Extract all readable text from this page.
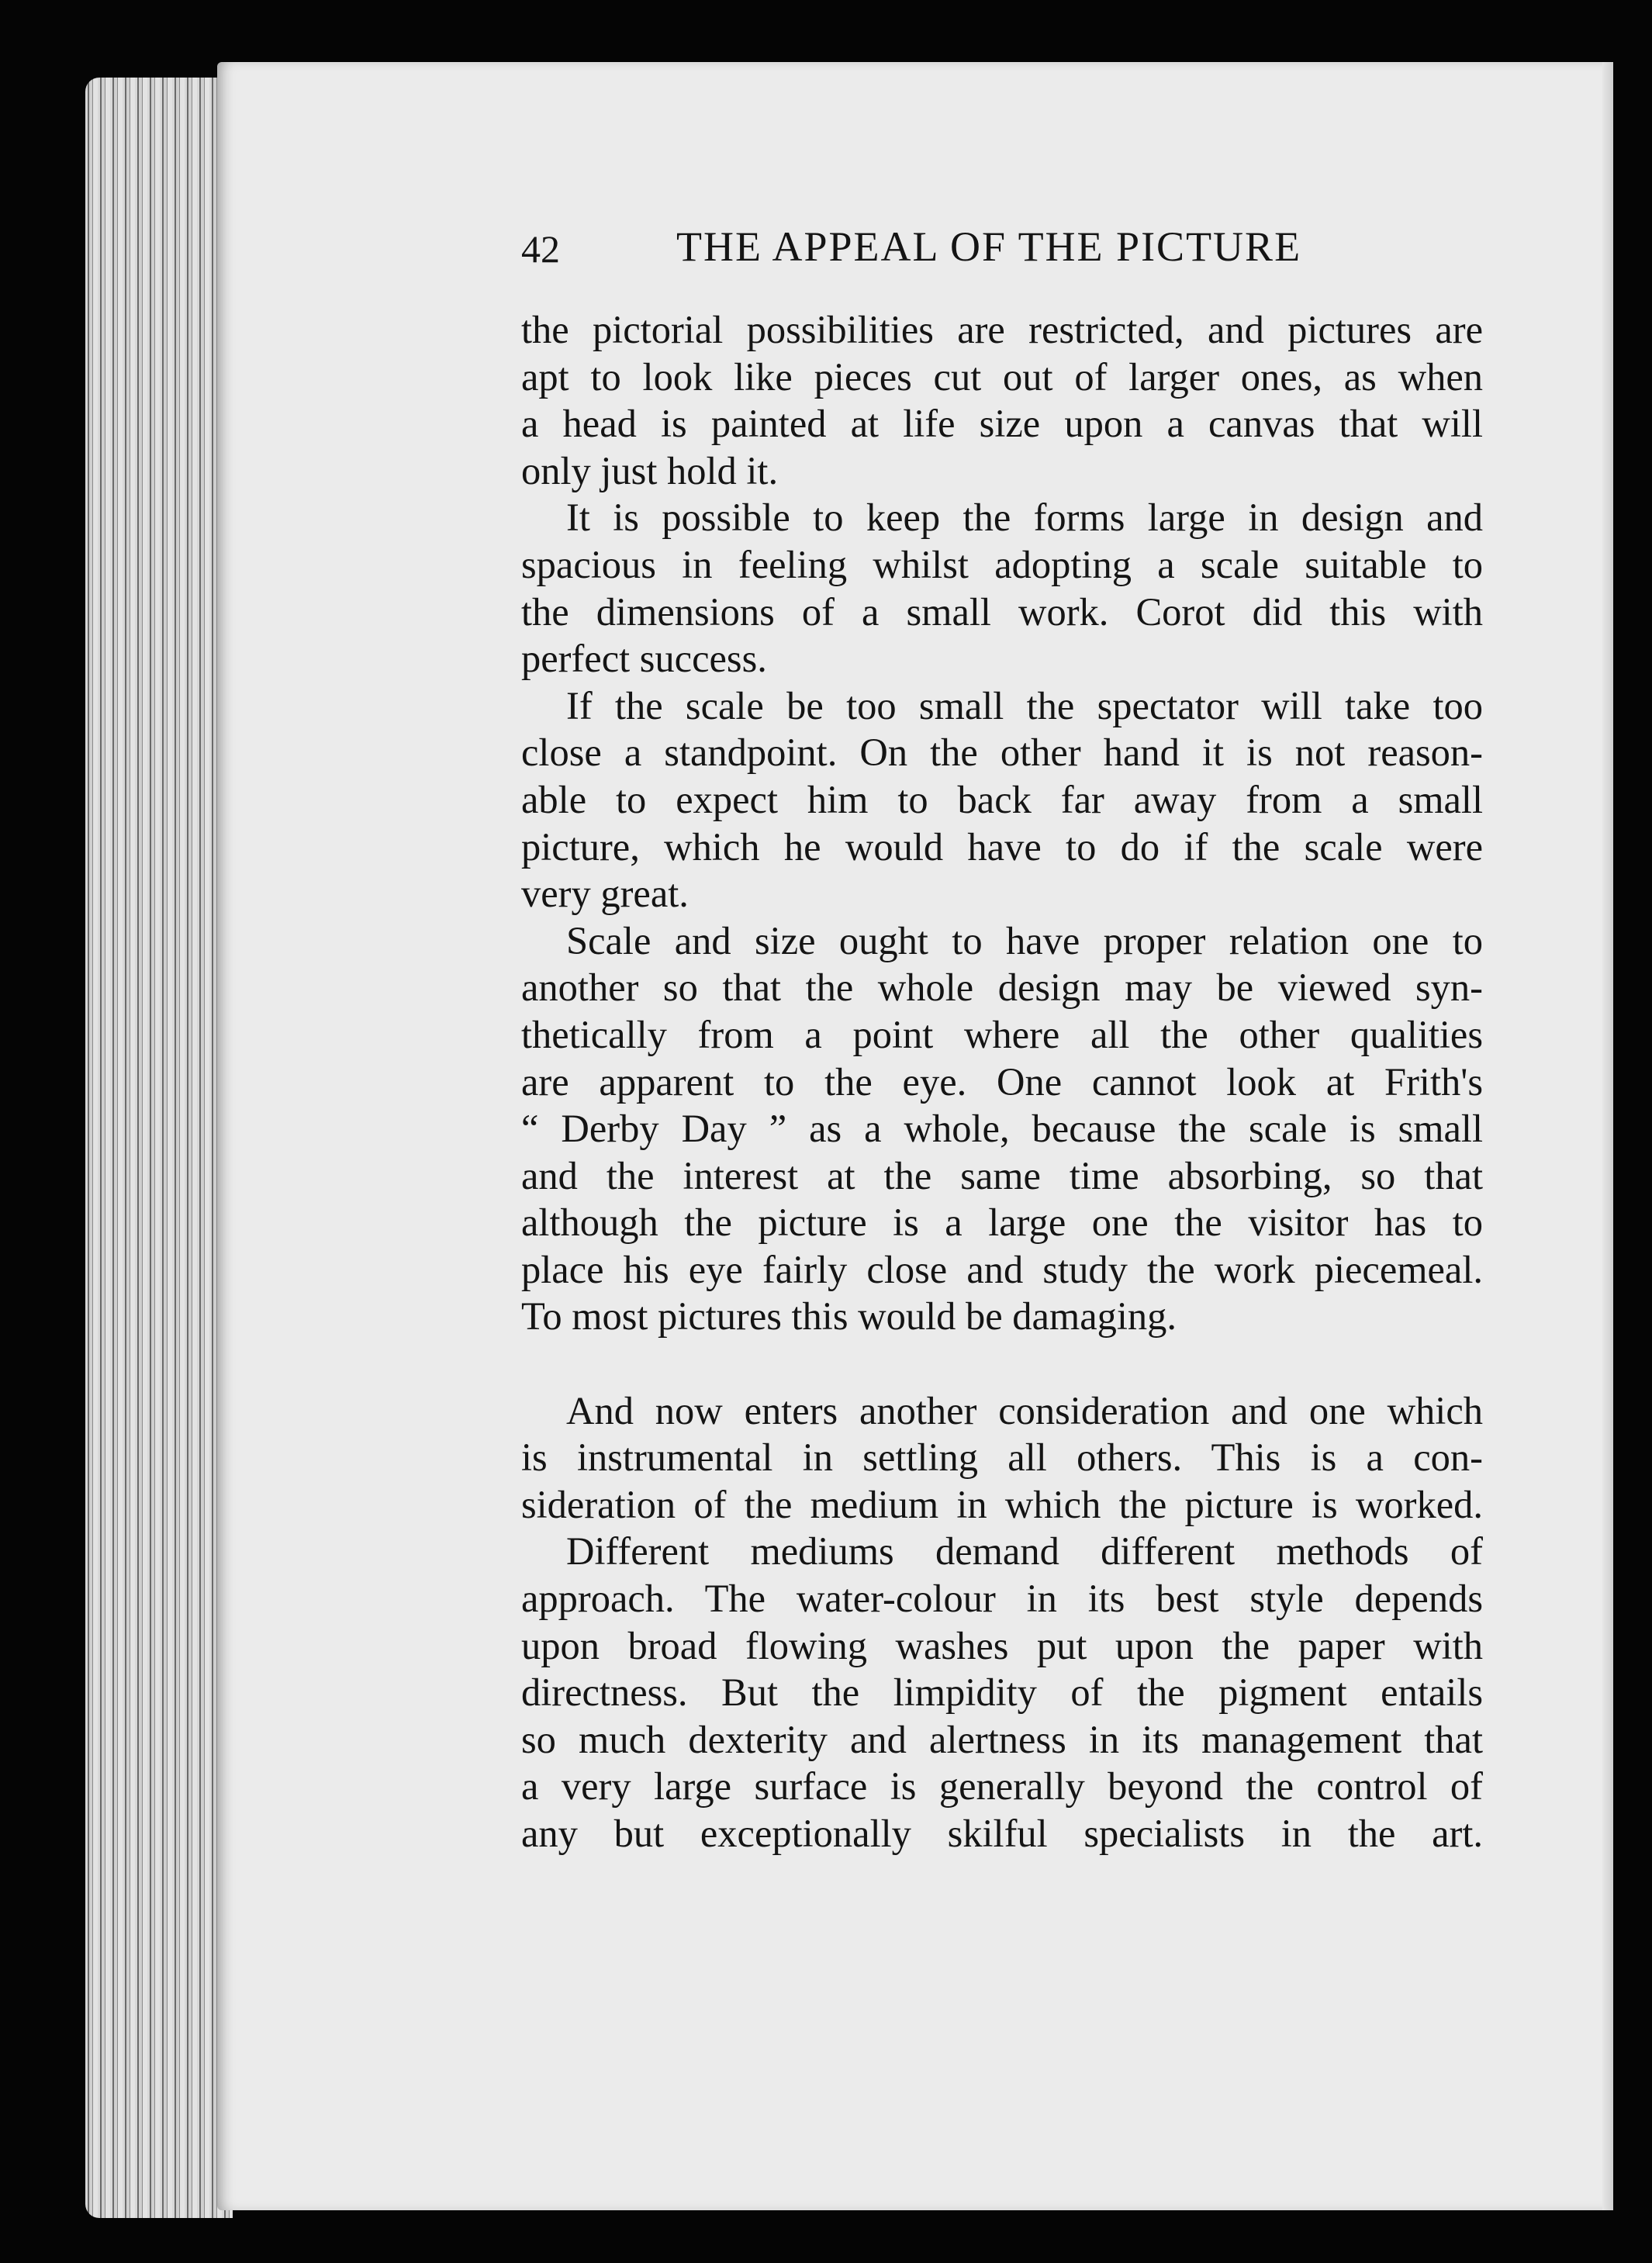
42	THE APPEAL OF THE PICTURE
the pictorial possibilities are restricted, and pictures are
apt to look like pieces cut out of larger ones, as when
a head is painted at life size upon a canvas that will
only just hold it.
It is possible to keep the forms large in design and
spacious in feeling whilst adopting a scale suitable to
the dimensions of a small work. Corot did this with
perfect success.
If the scale be too small the spectator will take too
close a standpoint. On the other hand it is not reason-
able to expect him to back far away from a small
picture, which he would have to do if the scale were
very great.
Scale and size ought to have proper relation one to
another so that the whole design may be viewed syn-
thetically from a point where all the other qualities
are apparent to the eye. One cannot look at Frith's
“ Derby Day ” as a whole, because the scale is small
and the interest at the same time absorbing, so that
although the picture is a large one the visitor has to
place his eye fairly close and study the work piecemeal.
To most pictures this would be damaging.
And now enters another consideration and one which
is instrumental in settling all others. This is a con-
sideration of the medium in which the picture is worked.
Different mediums demand different methods of
approach. The water-colour in its best style depends
upon broad flowing washes put upon the paper with
directness. But the limpidity of the pigment entails
so much dexterity and alertness in its management that
a very large surface is generally beyond the control of
any but exceptionally skilful specialists in the art.
